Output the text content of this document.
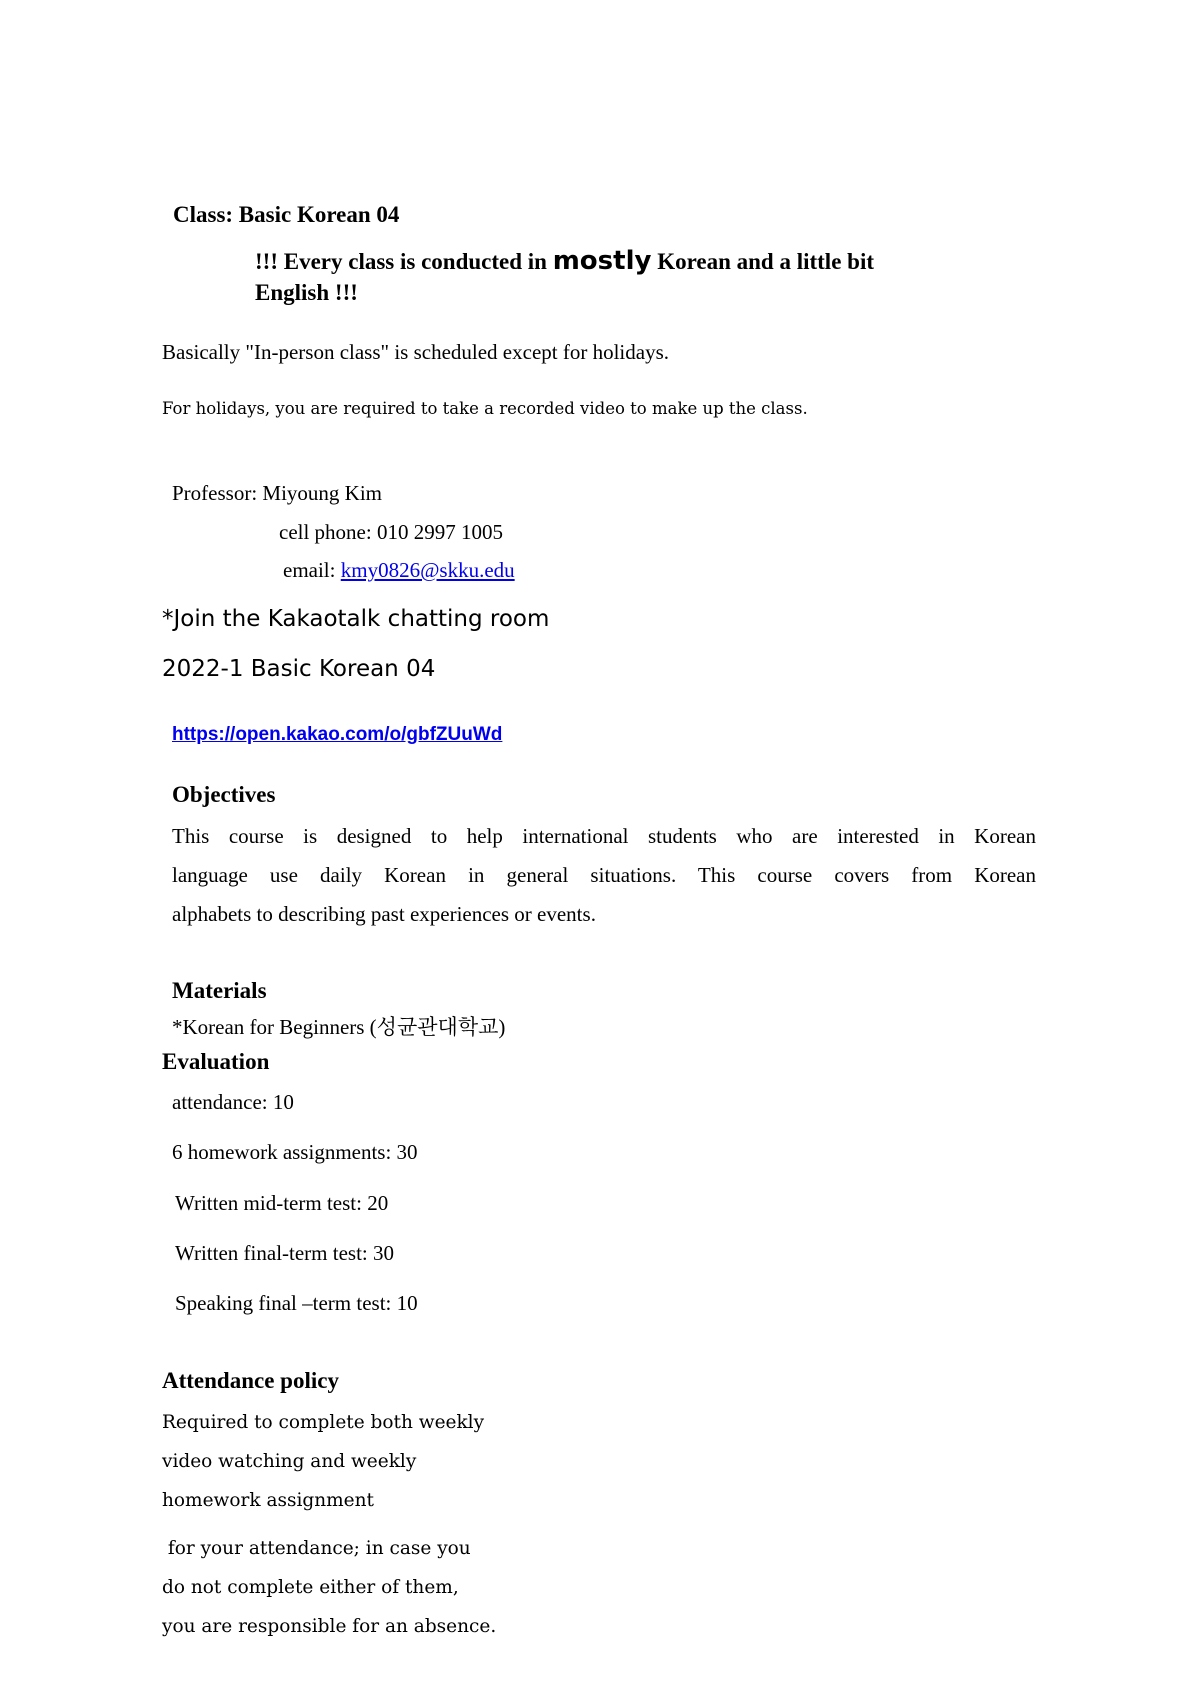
Class: Basic Korean 04
!!! Every class is conducted in mostly Korean and a little bit
English !!!
Basically "In-person class" is scheduled except for holidays.
For holidays, you are required to take a recorded video to make up the class.
Professor: Miyoung Kim
cell phone: 010 2997 1005
email: kmy0826@skku.edu
*Join the Kakaotalk chatting room
2022-1 Basic Korean 04
https://open.kakao.com/o/gbfZUuWd
Objectives
This course is designed to help international students who are interested in Korean
language use daily Korean in general situations. This course covers from Korean
alphabets to describing past experiences or events.
Materials
*Korean for Beginners (성균관대학교)
Evaluation
attendance: 10
6 homework assignments: 30
Written mid-term test: 20
Written final-term test: 30
Speaking final –term test: 10
Attendance policy
Required to complete both weekly
video watching and weekly
homework assignment
for your attendance; in case you
do not complete either of them,
you are responsible for an absence.
